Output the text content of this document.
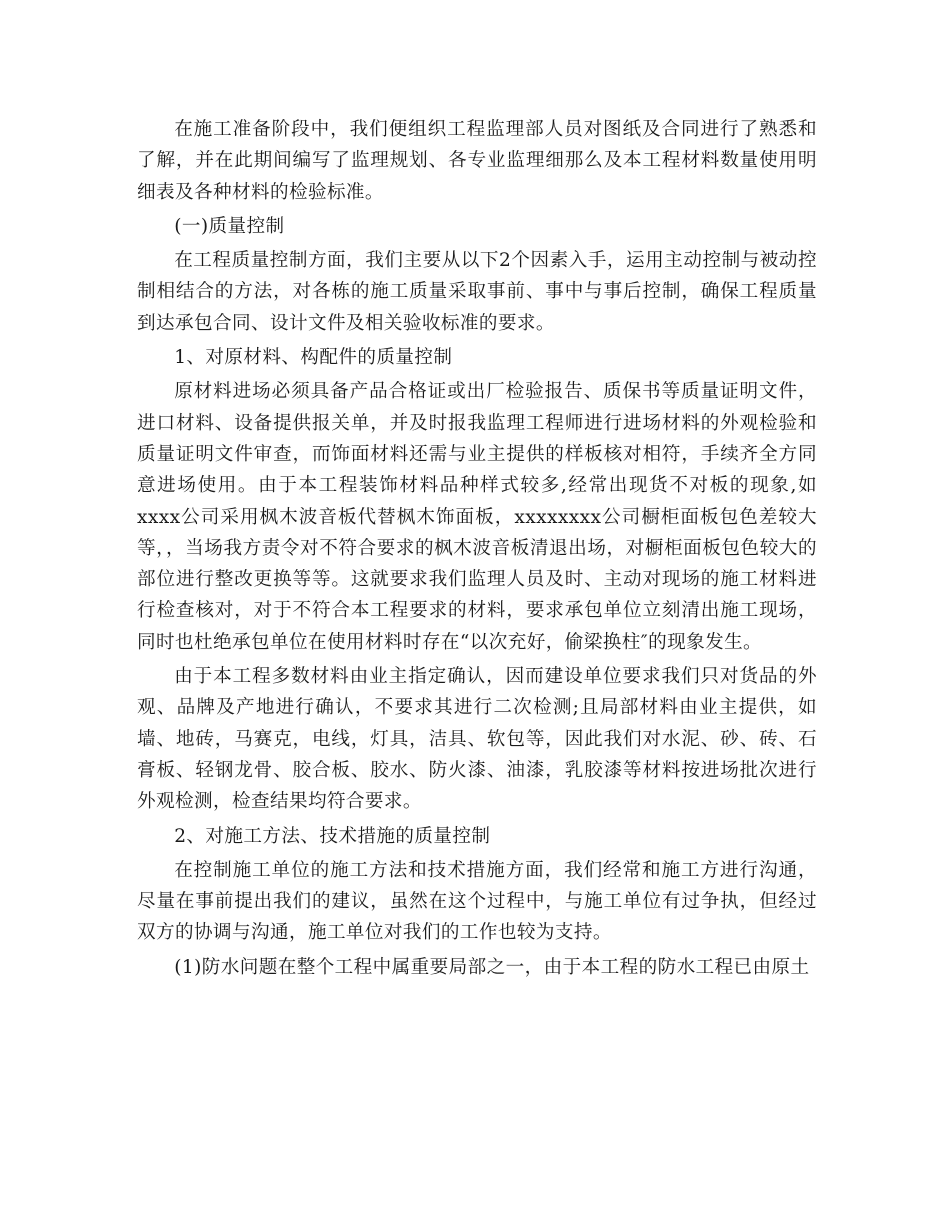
在施工准备阶段中，我们便组织工程监理部人员对图纸及合同进行了熟悉和了解，并在此期间编写了监理规划、各专业监理细那么及本工程材料数量使用明细表及各种材料的检验标准。

(一)质量控制

在工程质量控制方面，我们主要从以下2个因素入手，运用主动控制与被动控制相结合的方法，对各栋的施工质量采取事前、事中与事后控制，确保工程质量到达承包合同、设计文件及相关验收标准的要求。

1、对原材料、构配件的质量控制

原材料进场必须具备产品合格证或出厂检验报告、质保书等质量证明文件，进口材料、设备提供报关单，并及时报我监理工程师进行进场材料的外观检验和质量证明文件审查，而饰面材料还需与业主提供的样板核对相符，手续齐全方同意进场使用。由于本工程装饰材料品种样式较多,经常出现货不对板的现象,如xxxx公司采用枫木波音板代替枫木饰面板，xxxxxxxx公司橱柜面板包色差较大等，，当场我方责令对不符合要求的枫木波音板清退出场，对橱柜面板包色较大的部位进行整改更换等等。这就要求我们监理人员及时、主动对现场的施工材料进行检查核对，对于不符合本工程要求的材料，要求承包单位立刻清出施工现场，同时也杜绝承包单位在使用材料时存在“以次充好，偷梁换柱″的现象发生。

由于本工程多数材料由业主指定确认，因而建设单位要求我们只对货品的外观、品牌及产地进行确认，不要求其进行二次检测;且局部材料由业主提供，如墙、地砖，马赛克，电线，灯具，洁具、软包等，因此我们对水泥、砂、砖、石膏板、轻钢龙骨、胶合板、胶水、防火漆、油漆，乳胶漆等材料按进场批次进行外观检测，检查结果均符合要求。

2、对施工方法、技术措施的质量控制

在控制施工单位的施工方法和技术措施方面，我们经常和施工方进行沟通，尽量在事前提出我们的建议，虽然在这个过程中，与施工单位有过争执，但经过双方的协调与沟通，施工单位对我们的工作也较为支持。

(1)防水问题在整个工程中属重要局部之一，由于本工程的防水工程已由原土
